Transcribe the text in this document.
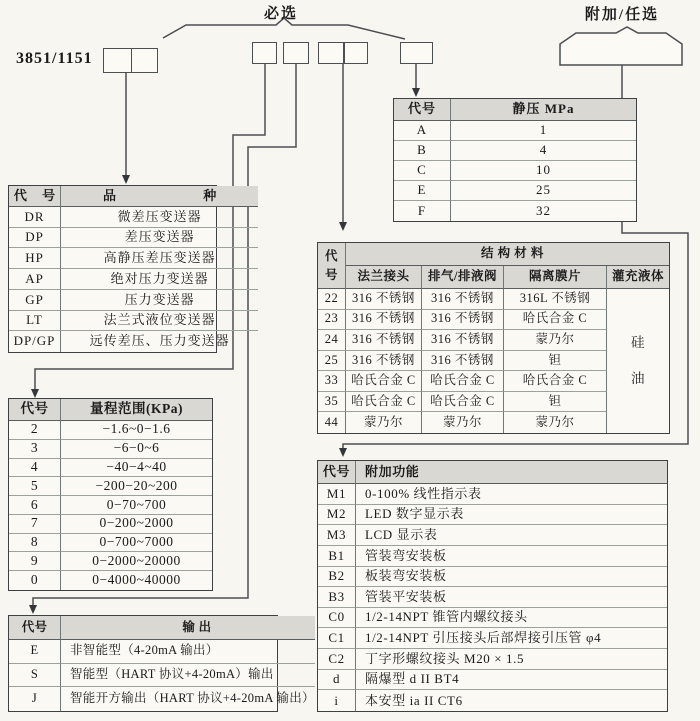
3851/1151
必选	附加/任选
代 号	品 种
DR	微差压变送器
DP	差压变送器
HP	高静压差压变送器
AP	绝对压力变送器
GP	压力变送器
LT	法兰式液位变送器
DP/GP	远传差压、压力变送器
代号	静压 MPa
A	1
B	4
C	10
E	25
F	32
代号
结 构 材 料
法兰接头	排气/排液阀	隔离膜片	灌充液体
硅油
22	316 不锈钢	316 不锈钢	316L 不锈钢
23	316 不锈钢	316 不锈钢	哈氏合金 C
24	316 不锈钢	316 不锈钢	蒙乃尔
25	316 不锈钢	316 不锈钢	钽
33	哈氏合金 C	哈氏合金 C	哈氏合金 C
35	哈氏合金 C	哈氏合金 C	钽
44	蒙乃尔	蒙乃尔	蒙乃尔
代号	量程范围(KPa)
2	−1.6~0−1.6
3	−6−0~6
4	−40−4~40
5	−200−20~200
6	0−70~700
7	0−200~2000
8	0−700~7000
9	0−2000~20000
0	0−4000~40000
代号	输 出
E	非智能型（4-20mA 输出）
S	智能型（HART 协议+4-20mA）输出
J	智能开方输出（HART 协议+4-20mA 输出）
代号	附加功能
M1	0-100% 线性指示表
M2	LED 数字显示表
M3	LCD 显示表
B1	管装弯安装板
B2	板装弯安装板
B3	管装平安装板
C0	1/2-14NPT 锥管内螺纹接头
C1	1/2-14NPT 引压接头后部焊接引压管 φ4
C2	丁字形螺纹接头 M20 × 1.5
d	隔爆型 d II BT4
i	本安型 ia II CT6
